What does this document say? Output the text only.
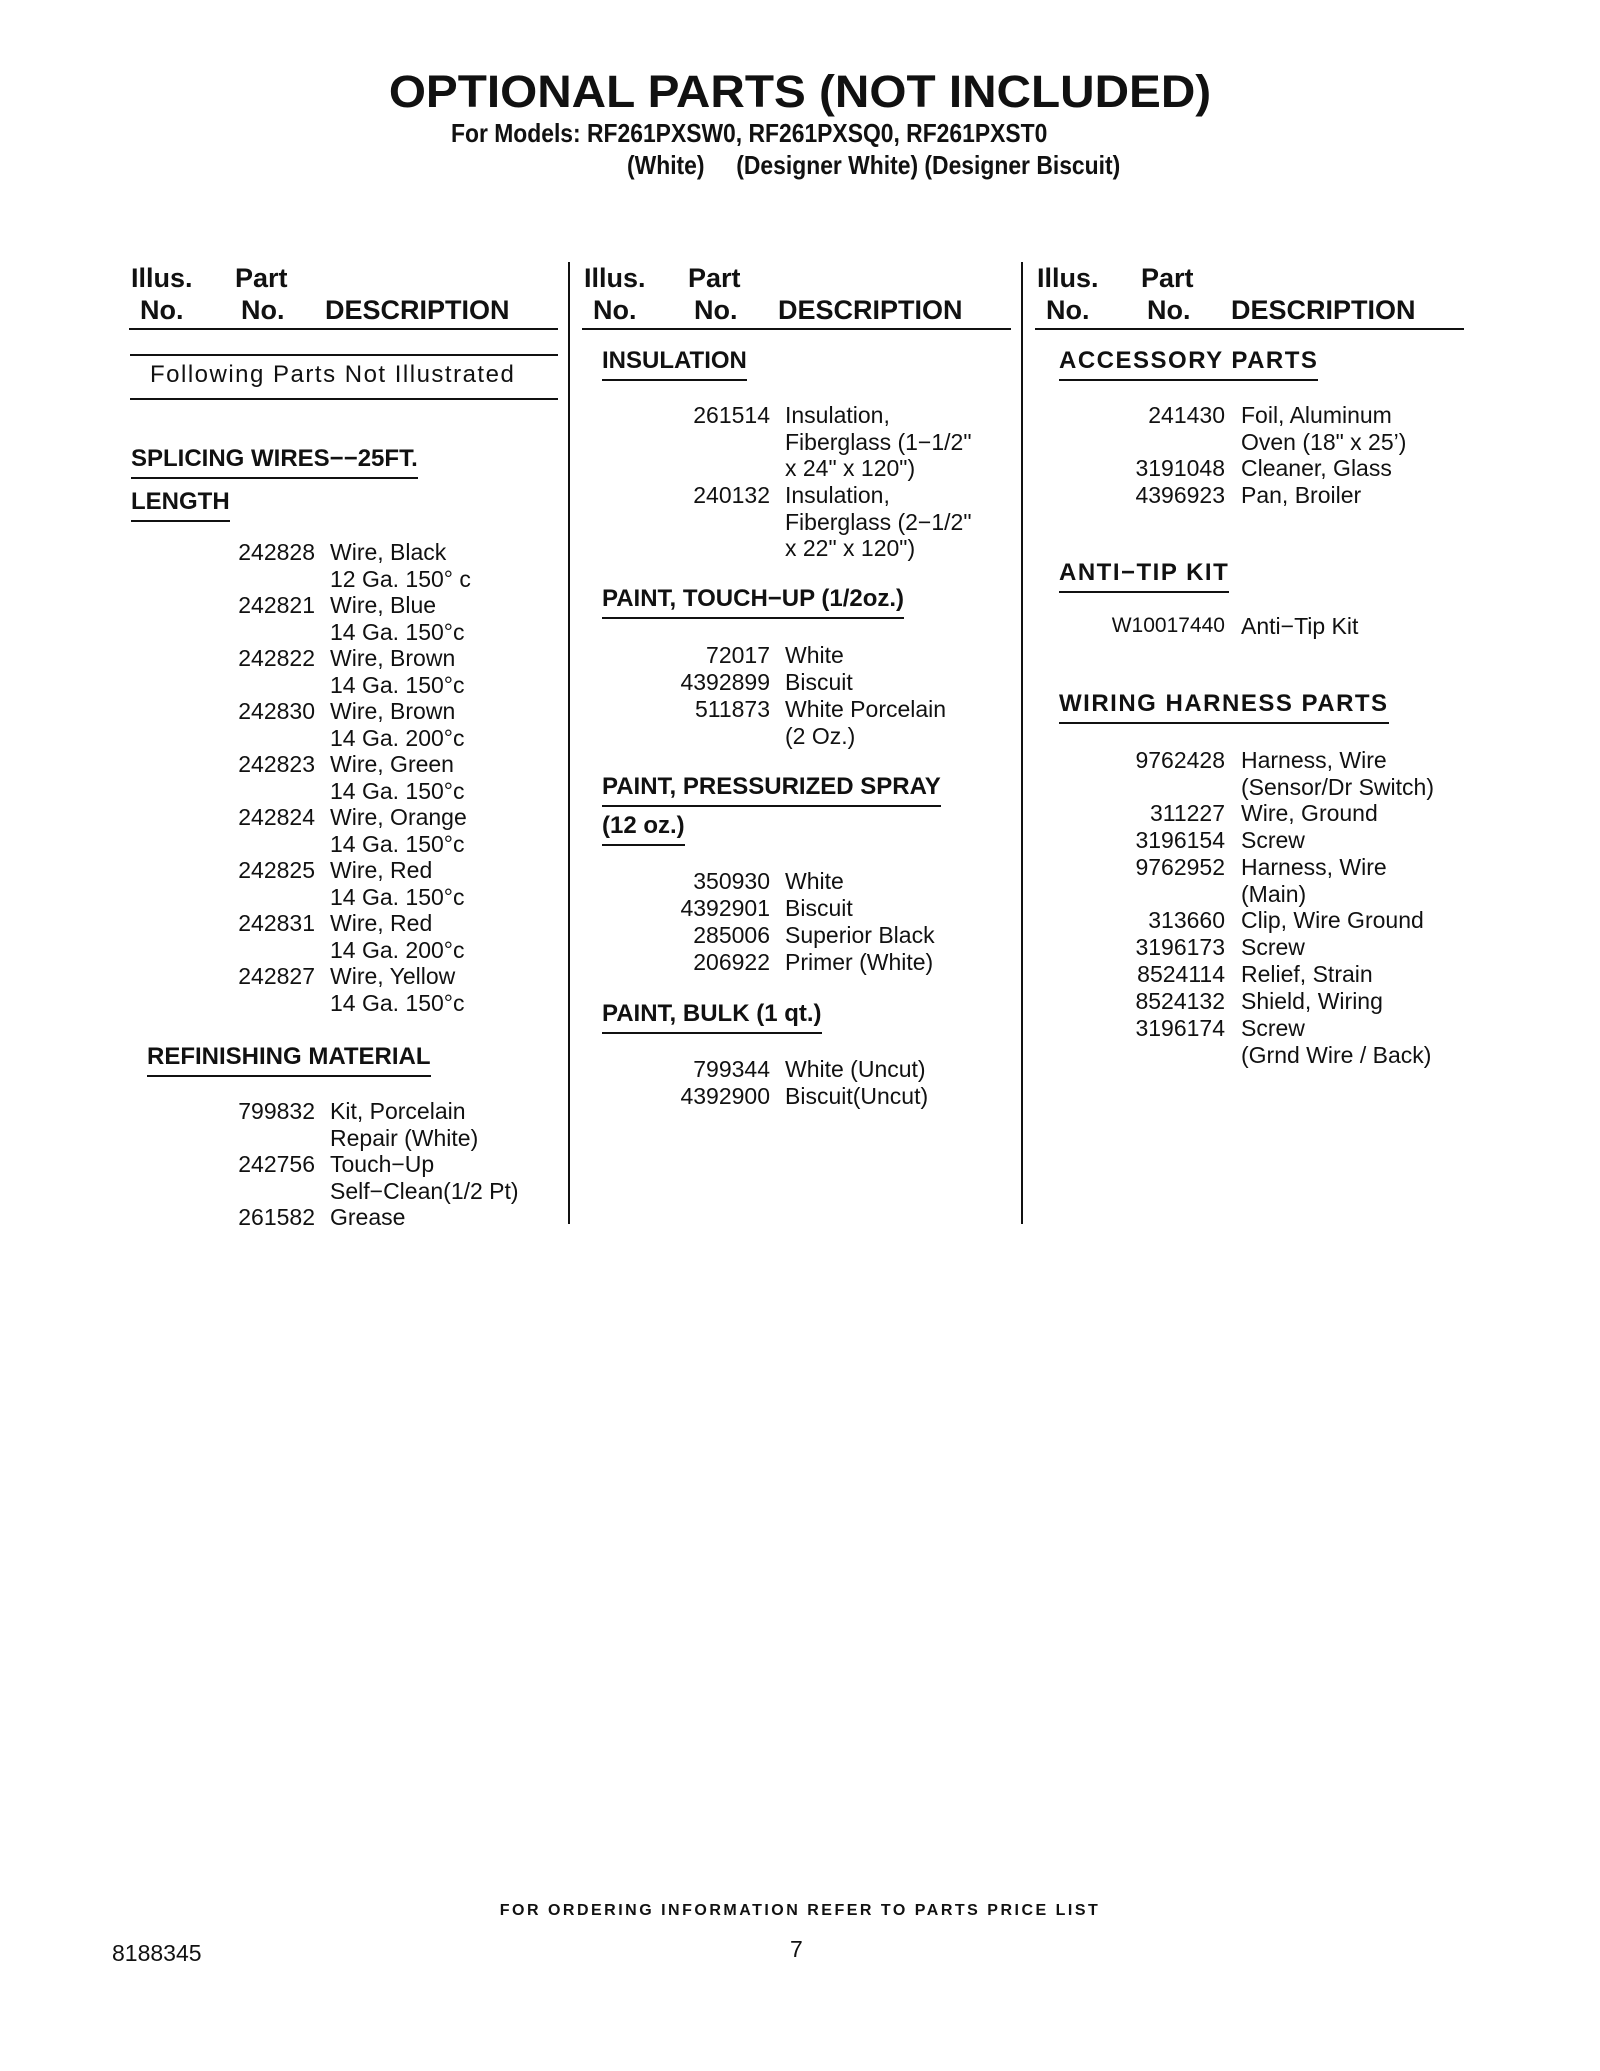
OPTIONAL PARTS (NOT INCLUDED)
For Models: RF261PXSW0, RF261PXSQ0, RF261PXST0
(White)     (Designer White) (Designer Biscuit)
Illus. Part
No. No. DESCRIPTION
Illus. Part
No. No. DESCRIPTION
Illus. Part
No. No. DESCRIPTION
Following Parts Not Illustrated
SPLICING WIRES−−25FT.
LENGTH
242828 Wire, Black
12 Ga. 150° c
242821 Wire, Blue
14 Ga. 150°c
242822 Wire, Brown
14 Ga. 150°c
242830 Wire, Brown
14 Ga. 200°c
242823 Wire, Green
14 Ga. 150°c
242824 Wire, Orange
14 Ga. 150°c
242825 Wire, Red
14 Ga. 150°c
242831 Wire, Red
14 Ga. 200°c
242827 Wire, Yellow
14 Ga. 150°c
REFINISHING MATERIAL
799832 Kit, Porcelain
Repair (White)
242756 Touch−Up
Self−Clean(1/2 Pt)
261582 Grease
INSULATION
261514 Insulation,
Fiberglass (1−1/2"
x 24" x 120")
240132 Insulation,
Fiberglass (2−1/2"
x 22" x 120")
PAINT, TOUCH−UP (1/2oz.)
72017 White
4392899 Biscuit
511873 White Porcelain
(2 Oz.)
PAINT, PRESSURIZED SPRAY
(12 oz.)
350930 White
4392901 Biscuit
285006 Superior Black
206922 Primer (White)
PAINT, BULK (1 qt.)
799344 White (Uncut)
4392900 Biscuit(Uncut)
ACCESSORY PARTS
241430 Foil, Aluminum
Oven (18" x 25’)
3191048 Cleaner, Glass
4396923 Pan, Broiler
ANTI−TIP KIT
W10017440 Anti−Tip Kit
WIRING HARNESS PARTS
9762428 Harness, Wire
(Sensor/Dr Switch)
311227 Wire, Ground
3196154 Screw
9762952 Harness, Wire
(Main)
313660 Clip, Wire Ground
3196173 Screw
8524114 Relief, Strain
8524132 Shield, Wiring
3196174 Screw
(Grnd Wire / Back)
FOR ORDERING INFORMATION REFER TO PARTS PRICE LIST
8188345	7
